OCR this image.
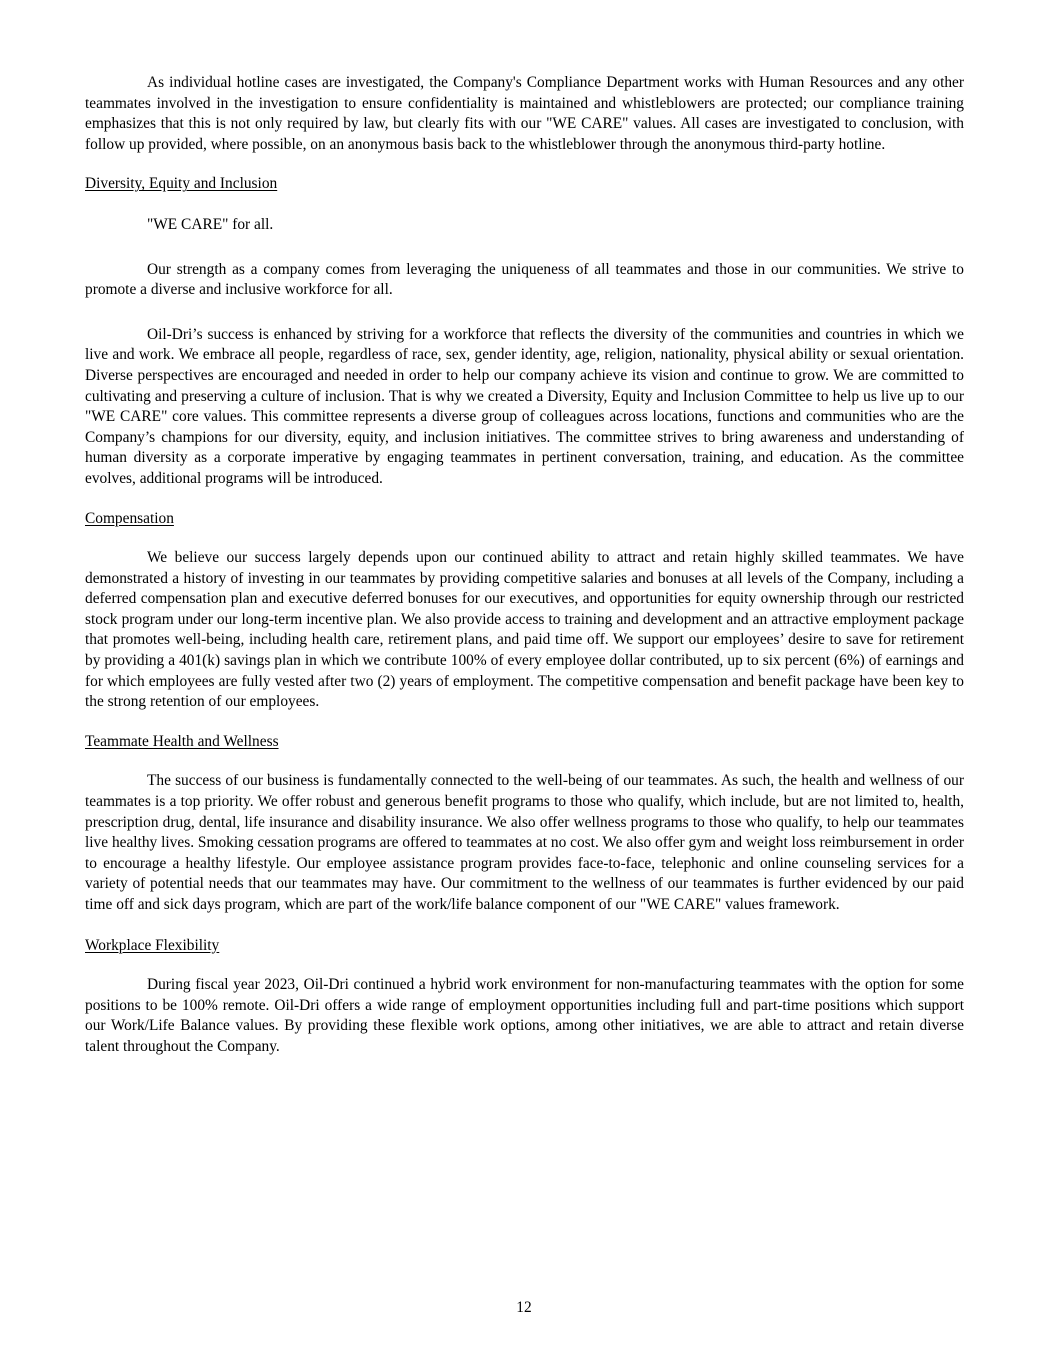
As individual hotline cases are investigated, the Company's Compliance Department works with Human Resources and any other teammates involved in the investigation to ensure confidentiality is maintained and whistleblowers are protected; our compliance training emphasizes that this is not only required by law, but clearly fits with our "WE CARE" values. All cases are investigated to conclusion, with follow up provided, where possible, on an anonymous basis back to the whistleblower through the anonymous third-party hotline.

Diversity, Equity and Inclusion

"WE CARE" for all.

Our strength as a company comes from leveraging the uniqueness of all teammates and those in our communities. We strive to promote a diverse and inclusive workforce for all.

Oil-Dri’s success is enhanced by striving for a workforce that reflects the diversity of the communities and countries in which we live and work. We embrace all people, regardless of race, sex, gender identity, age, religion, nationality, physical ability or sexual orientation. Diverse perspectives are encouraged and needed in order to help our company achieve its vision and continue to grow. We are committed to cultivating and preserving a culture of inclusion. That is why we created a Diversity, Equity and Inclusion Committee to help us live up to our "WE CARE" core values. This committee represents a diverse group of colleagues across locations, functions and communities who are the Company’s champions for our diversity, equity, and inclusion initiatives. The committee strives to bring awareness and understanding of human diversity as a corporate imperative by engaging teammates in pertinent conversation, training, and education. As the committee evolves, additional programs will be introduced.

Compensation

We believe our success largely depends upon our continued ability to attract and retain highly skilled teammates. We have demonstrated a history of investing in our teammates by providing competitive salaries and bonuses at all levels of the Company, including a deferred compensation plan and executive deferred bonuses for our executives, and opportunities for equity ownership through our restricted stock program under our long-term incentive plan. We also provide access to training and development and an attractive employment package that promotes well-being, including health care, retirement plans, and paid time off. We support our employees’ desire to save for retirement by providing a 401(k) savings plan in which we contribute 100% of every employee dollar contributed, up to six percent (6%) of earnings and for which employees are fully vested after two (2) years of employment. The competitive compensation and benefit package have been key to the strong retention of our employees.

Teammate Health and Wellness

The success of our business is fundamentally connected to the well-being of our teammates. As such, the health and wellness of our teammates is a top priority. We offer robust and generous benefit programs to those who qualify, which include, but are not limited to, health, prescription drug, dental, life insurance and disability insurance. We also offer wellness programs to those who qualify, to help our teammates live healthy lives. Smoking cessation programs are offered to teammates at no cost. We also offer gym and weight loss reimbursement in order to encourage a healthy lifestyle. Our employee assistance program provides face-to-face, telephonic and online counseling services for a variety of potential needs that our teammates may have. Our commitment to the wellness of our teammates is further evidenced by our paid time off and sick days program, which are part of the work/life balance component of our "WE CARE" values framework.

Workplace Flexibility

During fiscal year 2023, Oil-Dri continued a hybrid work environment for non-manufacturing teammates with the option for some positions to be 100% remote. Oil-Dri offers a wide range of employment opportunities including full and part-time positions which support our Work/Life Balance values. By providing these flexible work options, among other initiatives, we are able to attract and retain diverse talent throughout the Company.

12
